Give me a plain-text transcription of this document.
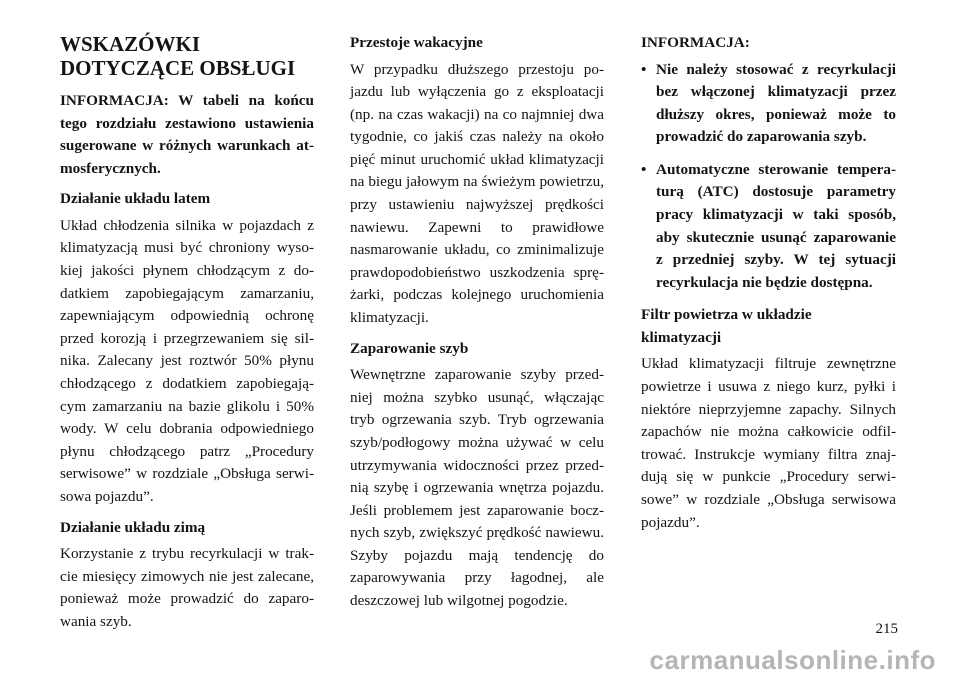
WSKAZÓWKI
DOTYCZĄCE OBSŁUGI

INFORMACJA: W tabeli na końcu tego rozdziału zestawiono ustawienia sugerowane w różnych warunkach atmosferycznych.

Działanie układu latem

Układ chłodzenia silnika w pojazdach z klimatyzacją musi być chroniony wysokiej jakości płynem chłodzącym z dodatkiem zapobiegającym zamarzaniu, zapewniającym odpowiednią ochronę przed korozją i przegrzewaniem się silnika. Zalecany jest roztwór 50% płynu chłodzącego z dodatkiem zapobiegającym zamarzaniu na bazie glikolu i 50% wody. W celu dobrania odpowiedniego płynu chłodzącego patrz „Procedury serwisowe” w rozdziale „Obsługa serwisowa pojazdu”.

Działanie układu zimą

Korzystanie z trybu recyrkulacji w trakcie miesięcy zimowych nie jest zalecane, ponieważ może prowadzić do zaparowania szyb.

Przestoje wakacyjne

W przypadku dłuższego przestoju pojazdu lub wyłączenia go z eksploatacji (np. na czas wakacji) na co najmniej dwa tygodnie, co jakiś czas należy na około pięć minut uruchomić układ klimatyzacji na biegu jałowym na świeżym powietrzu, przy ustawieniu najwyższej prędkości nawiewu. Zapewni to prawidłowe nasmarowanie układu, co zminimalizuje prawdopodobieństwo uszkodzenia sprężarki, podczas kolejnego uruchomienia klimatyzacji.

Zaparowanie szyb

Wewnętrzne zaparowanie szyby przedniej można szybko usunąć, włączając tryb ogrzewania szyb. Tryb ogrzewania szyb/podłogowy można używać w celu utrzymywania widoczności przez przednią szybę i ogrzewania wnętrza pojazdu. Jeśli problemem jest zaparowanie bocznych szyb, zwiększyć prędkość nawiewu. Szyby pojazdu mają tendencję do zaparowywania przy łagodnej, ale deszczowej lub wilgotnej pogodzie.

INFORMACJA:
• Nie należy stosować z recyrkulacji bez włączonej klimatyzacji przez dłuższy okres, ponieważ może to prowadzić do zaparowania szyb.
• Automatyczne sterowanie temperaturą (ATC) dostosuje parametry pracy klimatyzacji w taki sposób, aby skutecznie usunąć zaparowanie z przedniej szyby. W tej sytuacji recyrkulacja nie będzie dostępna.
Filtr powietrza w układzie
klimatyzacji

Układ klimatyzacji filtruje zewnętrzne powietrze i usuwa z niego kurz, pyłki i niektóre nieprzyjemne zapachy. Silnych zapachów nie można całkowicie odfiltrować. Instrukcje wymiany filtra znajdują się w punkcie „Procedury serwisowe” w rozdziale „Obsługa serwisowa pojazdu”.

215
carmanualsonline.info
